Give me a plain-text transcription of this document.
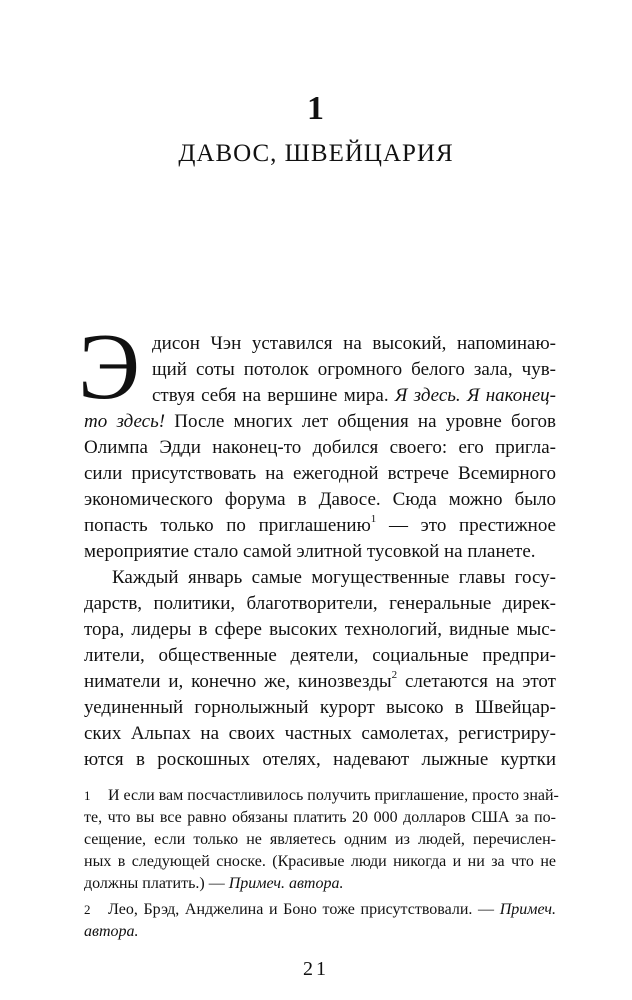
1
ДАВОС, ШВЕЙЦАРИЯ
Э дисон Чэн уставился на высокий, напоминаю-
щий соты потолок огромного белого зала, чув-
ствуя себя на вершине мира. Я здесь. Я наконец-
то здесь! После многих лет общения на уровне богов
Олимпа Эдди наконец-то добился своего: его пригла-
сили присутствовать на ежегодной встрече Всемирного
экономического форума в Давосе. Сюда можно было
попасть только по приглашению$^1$ — это престижное
мероприятие стало самой элитной тусовкой на планете.
Каждый январь самые могущественные главы госу-
дарств, политики, благотворители, генеральные дирек-
тора, лидеры в сфере высоких технологий, видные мыс-
лители, общественные деятели, социальные предпри-
ниматели и, конечно же, кинозвезды$^2$ слетаются на этот
уединенный горнолыжный курорт высоко в Швейцар-
ских Альпах на своих частных самолетах, регистриру-
ются в роскошных отелях, надевают лыжные куртки
1 И если вам посчастливилось получить приглашение, просто знай-
те, что вы все равно обязаны платить 20 000 долларов США за по-
сещение, если только не являетесь одним из людей, перечислен-
ных в следующей сноске. (Красивые люди никогда и ни за что не
должны платить.) — Примеч. автора.
2 Лео, Брэд, Анджелина и Боно тоже присутствовали. — Примеч.
автора.
21
